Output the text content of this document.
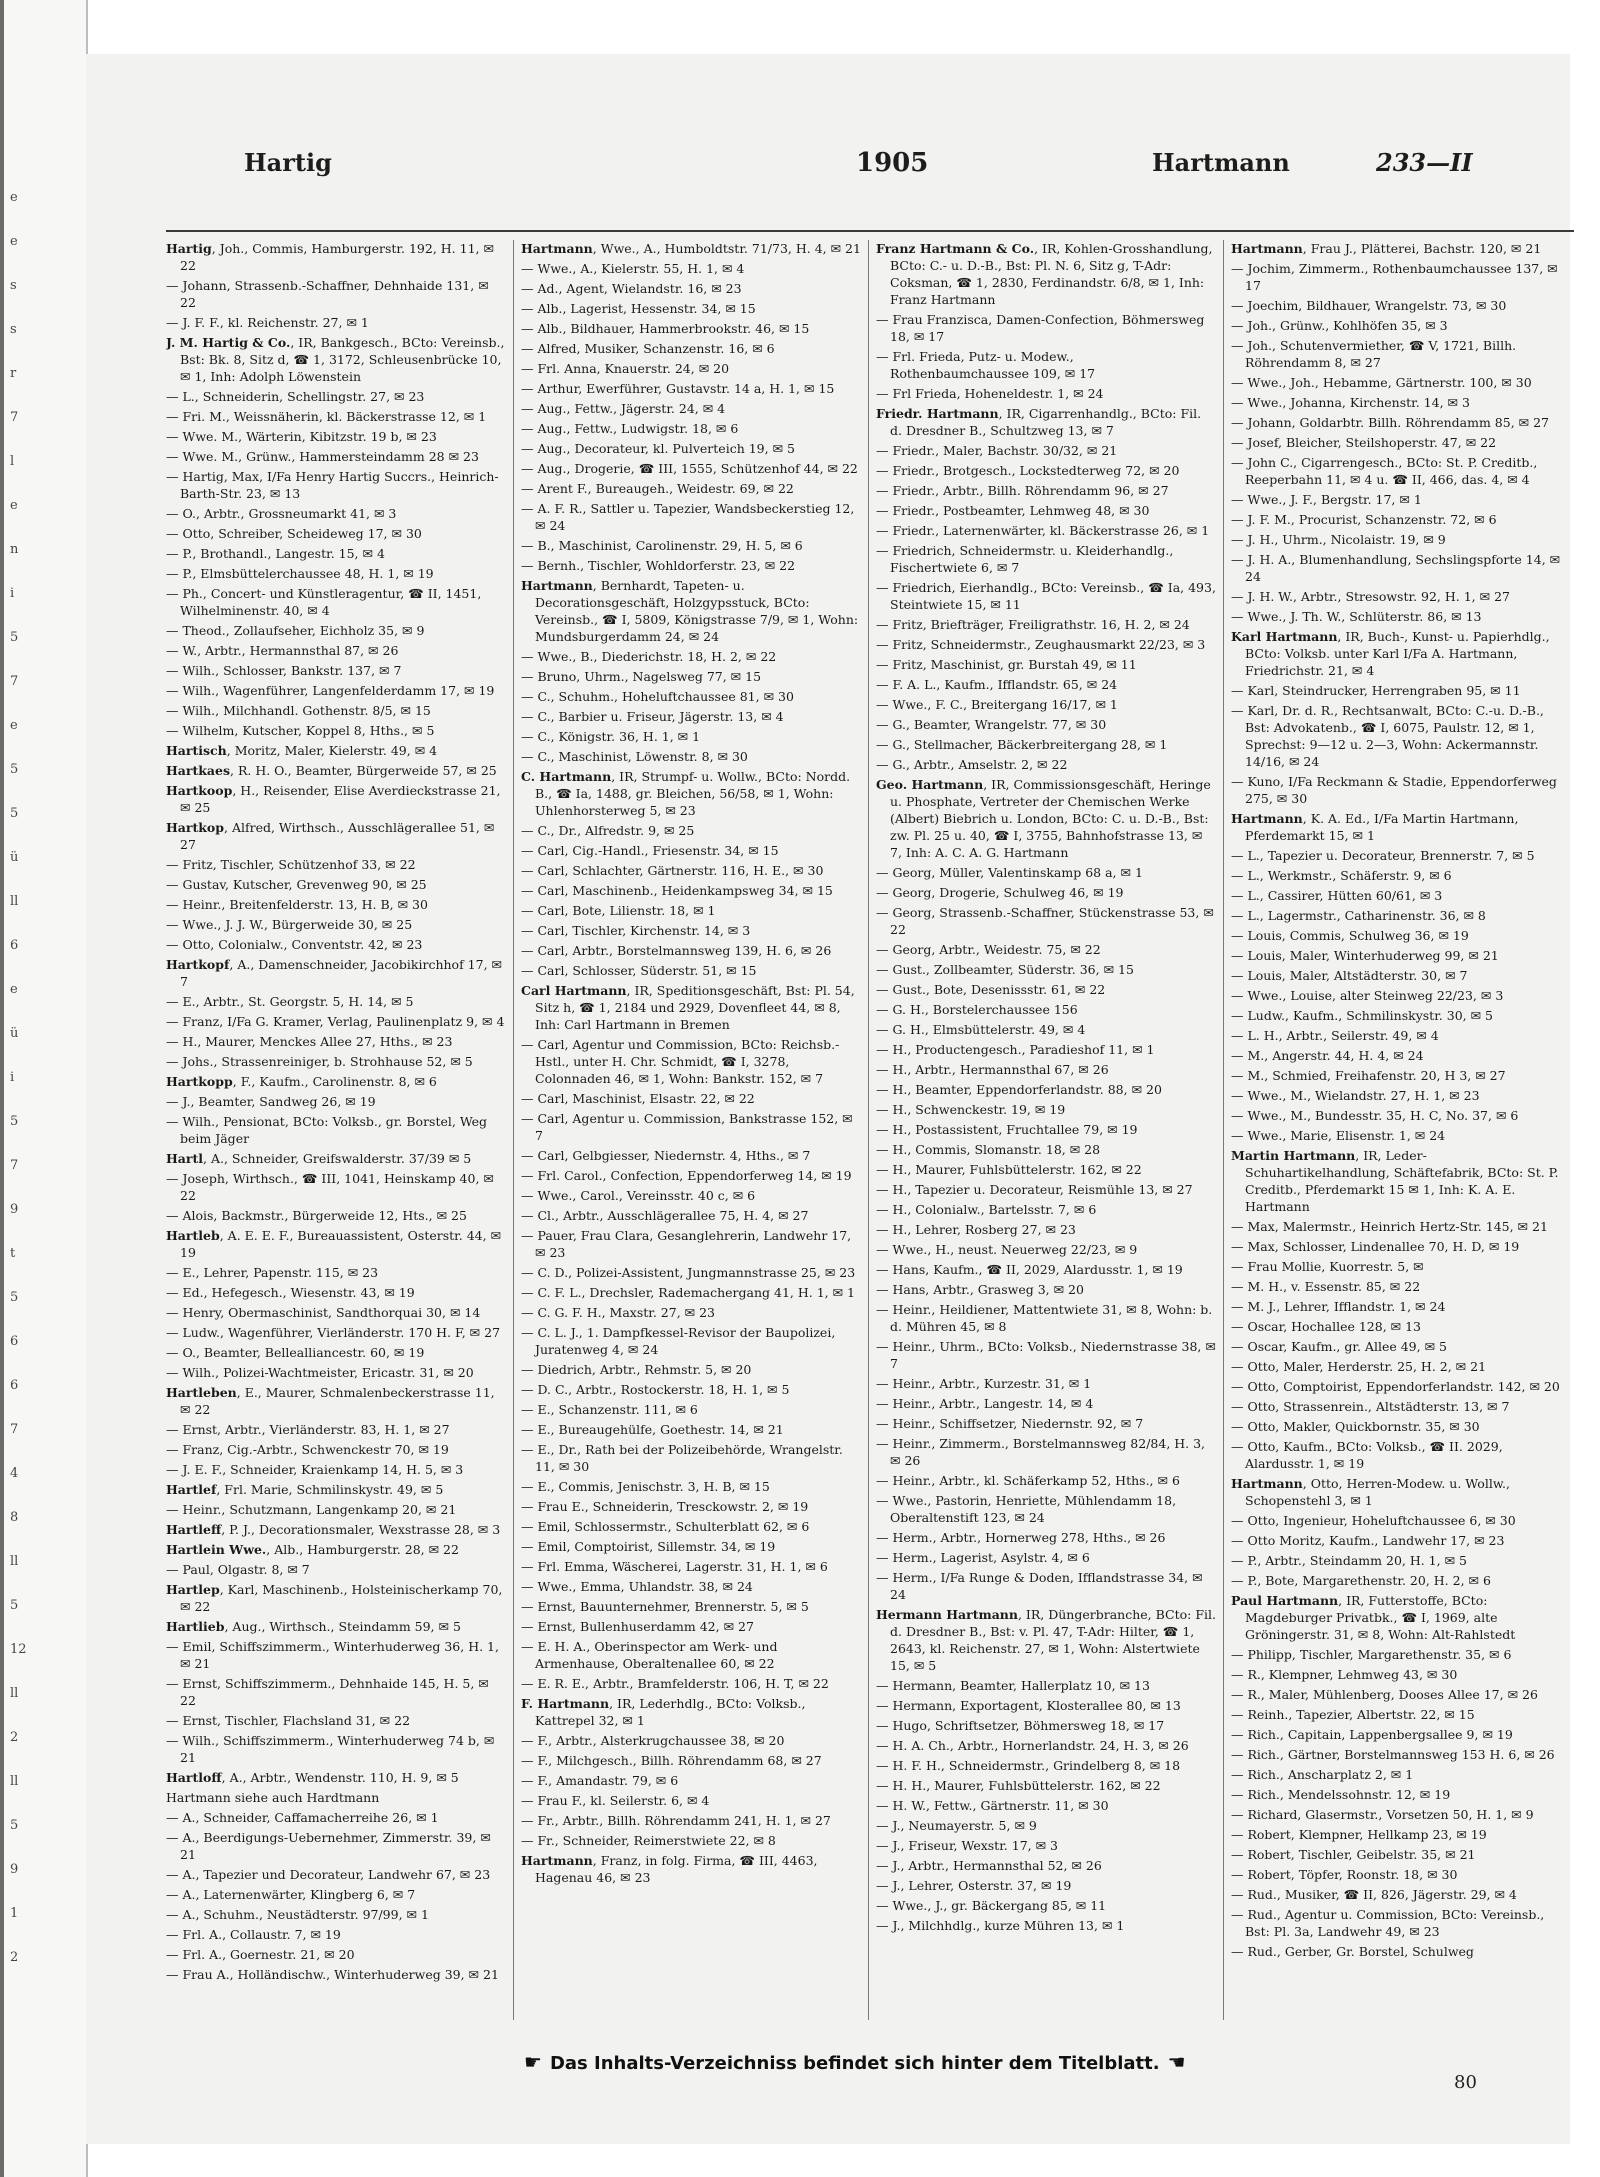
e
e
s
s
r
7
l
e
n
i
5
7
e
5
5
ü
ll
6
e
ü
i
5
7
9
t
5
6
6
7
4
8
ll
5
12
ll
2
ll
5
9
1
2
Hartig	1905	Hartmann	233—II
Hartig, Joh., Commis, Hamburgerstr. 192, H. 11, ✉ 22
— Johann, Strassenb.-Schaffner, Dehnhaide 131, ✉ 22
— J. F. F., kl. Reichenstr. 27, ✉ 1
J. M. Hartig & Co., IR, Bankgesch., BCto: Vereinsb., Bst: Bk. 8, Sitz d, ☎ 1, 3172, Schleusenbrücke 10, ✉ 1, Inh: Adolph Löwenstein
— L., Schneiderin, Schellingstr. 27, ✉ 23
— Fri. M., Weissnäherin, kl. Bäckerstrasse 12, ✉ 1
— Wwe. M., Wärterin, Kibitzstr. 19 b, ✉ 23
— Wwe. M., Grünw., Hammersteindamm 28 ✉ 23
— Hartig, Max, I/Fa Henry Hartig Succrs., Heinrich-Barth-Str. 23, ✉ 13
— O., Arbtr., Grossneumarkt 41, ✉ 3
— Otto, Schreiber, Scheideweg 17, ✉ 30
— P., Brothandl., Langestr. 15, ✉ 4
— P., Elmsbüttelerchaussee 48, H. 1, ✉ 19
— Ph., Concert- und Künstleragentur, ☎ II, 1451, Wilhelminenstr. 40, ✉ 4
— Theod., Zollaufseher, Eichholz 35, ✉ 9
— W., Arbtr., Hermannsthal 87, ✉ 26
— Wilh., Schlosser, Bankstr. 137, ✉ 7
— Wilh., Wagenführer, Langenfelderdamm 17, ✉ 19
— Wilh., Milchhandl. Gothenstr. 8/5, ✉ 15
— Wilhelm, Kutscher, Koppel 8, Hths., ✉ 5
Hartisch, Moritz, Maler, Kielerstr. 49, ✉ 4
Hartkaes, R. H. O., Beamter, Bürgerweide 57, ✉ 25
Hartkoop, H., Reisender, Elise Averdieckstrasse 21, ✉ 25
Hartkop, Alfred, Wirthsch., Ausschlägerallee 51, ✉ 27
— Fritz, Tischler, Schützenhof 33, ✉ 22
— Gustav, Kutscher, Grevenweg 90, ✉ 25
— Heinr., Breitenfelderstr. 13, H. B, ✉ 30
— Wwe., J. J. W., Bürgerweide 30, ✉ 25
— Otto, Colonialw., Conventstr. 42, ✉ 23
Hartkopf, A., Damenschneider, Jacobikirchhof 17, ✉ 7
— E., Arbtr., St. Georgstr. 5, H. 14, ✉ 5
— Franz, I/Fa G. Kramer, Verlag, Paulinenplatz 9, ✉ 4
— H., Maurer, Menckes Allee 27, Hths., ✉ 23
— Johs., Strassenreiniger, b. Strohhausе 52, ✉ 5
Hartkopp, F., Kaufm., Carolinenstr. 8, ✉ 6
— J., Beamter, Sandweg 26, ✉ 19
— Wilh., Pensionat, BCto: Volksb., gr. Borstel, Weg beim Jäger
Hartl, A., Schneider, Greifswalderstr. 37/39 ✉ 5
— Joseph, Wirthsch., ☎ III, 1041, Heinskamp 40, ✉ 22
— Alois, Backmstr., Bürgerweide 12, Hts., ✉ 25
Hartleb, A. E. E. F., Bureauassistent, Osterstr. 44, ✉ 19
— E., Lehrer, Papenstr. 115, ✉ 23
— Ed., Hefegesch., Wiesenstr. 43, ✉ 19
— Henry, Obermaschinist, Sandthorquai 30, ✉ 14
— Ludw., Wagenführer, Vierländerstr. 170 H. F, ✉ 27
— O., Beamter, Bellealliancestr. 60, ✉ 19
— Wilh., Polizei-Wachtmeister, Ericastr. 31, ✉ 20
Hartleben, E., Maurer, Schmalenbeckerstrasse 11, ✉ 22
— Ernst, Arbtr., Vierländerstr. 83, H. 1, ✉ 27
— Franz, Cig.-Arbtr., Schwenckestr 70, ✉ 19
— J. E. F., Schneider, Kraienkamp 14, H. 5, ✉ 3
Hartlef, Frl. Marie, Schmilinskystr. 49, ✉ 5
— Heinr., Schutzmann, Langenkamp 20, ✉ 21
Hartleff, P. J., Decorationsmaler, Wexstrasse 28, ✉ 3
Hartlein Wwe., Alb., Hamburgerstr. 28, ✉ 22
— Paul, Olgastr. 8, ✉ 7
Hartlep, Karl, Maschinenb., Holsteinischerkamp 70, ✉ 22
Hartlieb, Aug., Wirthsch., Steindamm 59, ✉ 5
— Emil, Schiffszimmerm., Winterhuderweg 36, H. 1, ✉ 21
— Ernst, Schiffszimmerm., Dehnhaide 145, H. 5, ✉ 22
— Ernst, Tischler, Flachsland 31, ✉ 22
— Wilh., Schiffszimmerm., Winterhuderweg 74 b, ✉ 21
Hartloff, A., Arbtr., Wendenstr. 110, H. 9, ✉ 5
Hartmann siehe auch Hardtmann
— A., Schneider, Caffamacherreihe 26, ✉ 1
— A., Beerdigungs-Uebernehmer, Zimmerstr. 39, ✉ 21
— A., Tapezier und Decorateur, Landwehr 67, ✉ 23
— A., Laternenwärter, Klingberg 6, ✉ 7
— A., Schuhm., Neustädterstr. 97/99, ✉ 1
— Frl. A., Collaustr. 7, ✉ 19
— Frl. A., Goernestr. 21, ✉ 20
— Frau A., Holländischw., Winterhuderweg 39, ✉ 21
Hartmann, Wwe., A., Humboldtstr. 71/73, H. 4, ✉ 21
— Wwe., A., Kielerstr. 55, H. 1, ✉ 4
— Ad., Agent, Wielandstr. 16, ✉ 23
— Alb., Lagerist, Hessenstr. 34, ✉ 15
— Alb., Bildhauer, Hammerbrookstr. 46, ✉ 15
— Alfred, Musiker, Schanzenstr. 16, ✉ 6
— Frl. Anna, Knauerstr. 24, ✉ 20
— Arthur, Ewerführer, Gustavstr. 14 a, H. 1, ✉ 15
— Aug., Fettw., Jägerstr. 24, ✉ 4
— Aug., Fettw., Ludwigstr. 18, ✉ 6
— Aug., Decorateur, kl. Pulverteich 19, ✉ 5
— Aug., Drogerie, ☎ III, 1555, Schützenhof 44, ✉ 22
— Arent F., Bureaugeh., Weidestr. 69, ✉ 22
— A. F. R., Sattler u. Tapezier, Wandsbeckerstieg 12, ✉ 24
— B., Maschinist, Carolinenstr. 29, H. 5, ✉ 6
— Bernh., Tischler, Wohldorferstr. 23, ✉ 22
Hartmann, Bernhardt, Tapeten- u. Decorationsgeschäft, Holzgypsstuck, BCto: Vereinsb., ☎ I, 5809, Königstrasse 7/9, ✉ 1, Wohn: Mundsburgerdamm 24, ✉ 24
— Wwe., B., Diederichstr. 18, H. 2, ✉ 22
— Bruno, Uhrm., Nagelsweg 77, ✉ 15
— C., Schuhm., Hoheluftchaussee 81, ✉ 30
— C., Barbier u. Friseur, Jägerstr. 13, ✉ 4
— C., Königstr. 36, H. 1, ✉ 1
— C., Maschinist, Löwenstr. 8, ✉ 30
C. Hartmann, IR, Strumpf- u. Wollw., BCto: Nordd. B., ☎ Ia, 1488, gr. Bleichen, 56/58, ✉ 1, Wohn: Uhlenhorsterweg 5, ✉ 23
— C., Dr., Alfredstr. 9, ✉ 25
— Carl, Cig.-Handl., Friesenstr. 34, ✉ 15
— Carl, Schlachter, Gärtnerstr. 116, H. E., ✉ 30
— Carl, Maschinenb., Heidenkampsweg 34, ✉ 15
— Carl, Bote, Lilienstr. 18, ✉ 1
— Carl, Tischler, Kirchenstr. 14, ✉ 3
— Carl, Arbtr., Borstelmannsweg 139, H. 6, ✉ 26
— Carl, Schlosser, Süderstr. 51, ✉ 15
Carl Hartmann, IR, Speditionsgeschäft, Bst: Pl. 54, Sitz h, ☎ 1, 2184 und 2929, Dovenfleet 44, ✉ 8, Inh: Carl Hartmann in Bremen
— Carl, Agentur und Commission, BCto: Reichsb.-Hstl., unter H. Chr. Schmidt, ☎ I, 3278, Colonnaden 46, ✉ 1, Wohn: Bankstr. 152, ✉ 7
— Carl, Maschinist, Elsastr. 22, ✉ 22
— Carl, Agentur u. Commission, Bankstrasse 152, ✉ 7
— Carl, Gelbgiesser, Niedernstr. 4, Hths., ✉ 7
— Frl. Carol., Confection, Eppendorferweg 14, ✉ 19
— Wwe., Carol., Vereinsstr. 40 c, ✉ 6
— Cl., Arbtr., Ausschlägerallee 75, H. 4, ✉ 27
— Pauer, Frau Clara, Gesanglehrerin, Landwehr 17, ✉ 23
— C. D., Polizei-Assistent, Jungmannstrasse 25, ✉ 23
— C. F. L., Drechsler, Rademachergang 41, H. 1, ✉ 1
— C. G. F. H., Maxstr. 27, ✉ 23
— C. L. J., 1. Dampfkessel-Revisor der Baupolizei, Juratenweg 4, ✉ 24
— Diedrich, Arbtr., Rehmstr. 5, ✉ 20
— D. C., Arbtr., Rostockerstr. 18, H. 1, ✉ 5
— E., Schanzenstr. 111, ✉ 6
— E., Bureaugehülfe, Goethestr. 14, ✉ 21
— E., Dr., Rath bei der Polizeibehörde, Wrangelstr. 11, ✉ 30
— E., Commis, Jenischstr. 3, H. B, ✉ 15
— Frau E., Schneiderin, Tresckowstr. 2, ✉ 19
— Emil, Schlossermstr., Schulterblatt 62, ✉ 6
— Emil, Comptoirist, Sillemstr. 34, ✉ 19
— Frl. Emma, Wäscherei, Lagerstr. 31, H. 1, ✉ 6
— Wwe., Emma, Uhlandstr. 38, ✉ 24
— Ernst, Bauunternehmer, Brennerstr. 5, ✉ 5
— Ernst, Bullenhuserdamm 42, ✉ 27
— E. H. A., Oberinspector am Werk- und Armenhause, Oberaltenallee 60, ✉ 22
— E. R. E., Arbtr., Bramfelderstr. 106, H. T, ✉ 22
F. Hartmann, IR, Lederhdlg., BCto: Volksb., Kattrepel 32, ✉ 1
— F., Arbtr., Alsterkrugchaussee 38, ✉ 20
— F., Milchgesch., Billh. Röhrendamm 68, ✉ 27
— F., Amandastr. 79, ✉ 6
— Frau F., kl. Seilerstr. 6, ✉ 4
— Fr., Arbtr., Billh. Röhrendamm 241, H. 1, ✉ 27
— Fr., Schneider, Reimerstwiete 22, ✉ 8
Hartmann, Franz, in folg. Firma, ☎ III, 4463, Hagenau 46, ✉ 23
Franz Hartmann & Co., IR, Kohlen-Grosshandlung, BCto: C.- u. D.-B., Bst: Pl. N. 6, Sitz g, T-Adr: Coksman, ☎ 1, 2830, Ferdinandstr. 6/8, ✉ 1, Inh: Franz Hartmann
— Frau Franzisca, Damen-Confection, Böhmersweg 18, ✉ 17
— Frl. Frieda, Putz- u. Modew., Rothenbaumchaussee 109, ✉ 17
— Frl Frieda, Hoheneldestr. 1, ✉ 24
Friedr. Hartmann, IR, Cigarrenhandlg., BCto: Fil. d. Dresdner B., Schultzweg 13, ✉ 7
— Friedr., Maler, Bachstr. 30/32, ✉ 21
— Friedr., Brotgesch., Lockstedterweg 72, ✉ 20
— Friedr., Arbtr., Billh. Röhrendamm 96, ✉ 27
— Friedr., Postbeamter, Lehmweg 48, ✉ 30
— Friedr., Laternenwärter, kl. Bäckerstrasse 26, ✉ 1
— Friedrich, Schneidermstr. u. Kleiderhandlg., Fischertwiete 6, ✉ 7
— Friedrich, Eierhandlg., BCto: Vereinsb., ☎ Ia, 493, Steintwiete 15, ✉ 11
— Fritz, Briefträger, Freiligrathstr. 16, H. 2, ✉ 24
— Fritz, Schneidermstr., Zeughausmarkt 22/23, ✉ 3
— Fritz, Maschinist, gr. Burstah 49, ✉ 11
— F. A. L., Kaufm., Ifflandstr. 65, ✉ 24
— Wwe., F. C., Breitergang 16/17, ✉ 1
— G., Beamter, Wrangelstr. 77, ✉ 30
— G., Stellmacher, Bäckerbreitergang 28, ✉ 1
— G., Arbtr., Amselstr. 2, ✉ 22
Geo. Hartmann, IR, Commissionsgeschäft, Heringe u. Phosphate, Vertreter der Chemischen Werke (Albert) Biebrich u. London, BCto: C. u. D.-B., Bst: zw. Pl. 25 u. 40, ☎ I, 3755, Bahnhofstrasse 13, ✉ 7, Inh: A. C. A. G. Hartmann
— Georg, Müller, Valentinskamp 68 a, ✉ 1
— Georg, Drogerie, Schulweg 46, ✉ 19
— Georg, Strassenb.-Schaffner, Stückenstrasse 53, ✉ 22
— Georg, Arbtr., Weidestr. 75, ✉ 22
— Gust., Zollbeamter, Süderstr. 36, ✉ 15
— Gust., Bote, Desenissstr. 61, ✉ 22
— G. H., Borstelerchaussee 156
— G. H., Elmsbüttelerstr. 49, ✉ 4
— H., Productengesch., Paradieshof 11, ✉ 1
— H., Arbtr., Hermannsthal 67, ✉ 26
— H., Beamter, Eppendorferlandstr. 88, ✉ 20
— H., Schwenckestr. 19, ✉ 19
— H., Postassistent, Fruchtallee 79, ✉ 19
— H., Commis, Slomanstr. 18, ✉ 28
— H., Maurer, Fuhlsbüttelerstr. 162, ✉ 22
— H., Tapezier u. Decorateur, Reismühle 13, ✉ 27
— H., Colonialw., Bartelsstr. 7, ✉ 6
— H., Lehrer, Rosberg 27, ✉ 23
— Wwe., H., neust. Neuerweg 22/23, ✉ 9
— Hans, Kaufm., ☎ II, 2029, Alardusstr. 1, ✉ 19
— Hans, Arbtr., Grasweg 3, ✉ 20
— Heinr., Heildiener, Mattentwiete 31, ✉ 8, Wohn: b. d. Mühren 45, ✉ 8
— Heinr., Uhrm., BCto: Volksb., Niedernstrasse 38, ✉ 7
— Heinr., Arbtr., Kurzestr. 31, ✉ 1
— Heinr., Arbtr., Langestr. 14, ✉ 4
— Heinr., Schiffsetzer, Niedernstr. 92, ✉ 7
— Heinr., Zimmerm., Borstelmannsweg 82/84, H. 3, ✉ 26
— Heinr., Arbtr., kl. Schäferkamp 52, Hths., ✉ 6
— Wwe., Pastorin, Henriette, Mühlendamm 18, Oberaltenstift 123, ✉ 24
— Herm., Arbtr., Hornerweg 278, Hths., ✉ 26
— Herm., Lagerist, Asylstr. 4, ✉ 6
— Herm., I/Fa Runge & Doden, Ifflandstrasse 34, ✉ 24
Hermann Hartmann, IR, Düngerbranche, BCto: Fil. d. Dresdner B., Bst: v. Pl. 47, T-Adr: Hilter, ☎ 1, 2643, kl. Reichenstr. 27, ✉ 1, Wohn: Alstertwiete 15, ✉ 5
— Hermann, Beamter, Hallerplatz 10, ✉ 13
— Hermann, Exportagent, Klosterallee 80, ✉ 13
— Hugo, Schriftsetzer, Böhmersweg 18, ✉ 17
— H. A. Ch., Arbtr., Hornerlandstr. 24, H. 3, ✉ 26
— H. F. H., Schneidermstr., Grindelberg 8, ✉ 18
— H. H., Maurer, Fuhlsbüttelerstr. 162, ✉ 22
— H. W., Fettw., Gärtnerstr. 11, ✉ 30
— J., Neumayerstr. 5, ✉ 9
— J., Friseur, Wexstr. 17, ✉ 3
— J., Arbtr., Hermannsthal 52, ✉ 26
— J., Lehrer, Osterstr. 37, ✉ 19
— Wwe., J., gr. Bäckergang 85, ✉ 11
— J., Milchhdlg., kurze Mühren 13, ✉ 1
Hartmann, Frau J., Plätterei, Bachstr. 120, ✉ 21
— Jochim, Zimmerm., Rothenbaumchaussee 137, ✉ 17
— Joechim, Bildhauer, Wrangelstr. 73, ✉ 30
— Joh., Grünw., Kohlhöfen 35, ✉ 3
— Joh., Schutenvermiether, ☎ V, 1721, Billh. Röhrendamm 8, ✉ 27
— Wwe., Joh., Hebamme, Gärtnerstr. 100, ✉ 30
— Wwe., Johanna, Kirchenstr. 14, ✉ 3
— Johann, Goldarbtr. Billh. Röhrendamm 85, ✉ 27
— Josef, Bleicher, Steilshoperstr. 47, ✉ 22
— John C., Cigarrengesch., BCto: St. P. Creditb., Reeperbahn 11, ✉ 4 u. ☎ II, 466, das. 4, ✉ 4
— Wwe., J. F., Bergstr. 17, ✉ 1
— J. F. M., Procurist, Schanzenstr. 72, ✉ 6
— J. H., Uhrm., Nicolaistr. 19, ✉ 9
— J. H. A., Blumenhandlung, Sechslingspforte 14, ✉ 24
— J. H. W., Arbtr., Stresowstr. 92, H. 1, ✉ 27
— Wwe., J. Th. W., Schlüterstr. 86, ✉ 13
Karl Hartmann, IR, Buch-, Kunst- u. Papierhdlg., BCto: Volksb. unter Karl I/Fa A. Hartmann, Friedrichstr. 21, ✉ 4
— Karl, Steindrucker, Herrengraben 95, ✉ 11
— Karl, Dr. d. R., Rechtsanwalt, BCto: C.-u. D.-B., Bst: Advokatenb., ☎ I, 6075, Paulstr. 12, ✉ 1, Sprechst: 9—12 u. 2—3, Wohn: Ackermannstr. 14/16, ✉ 24
— Kuno, I/Fa Reckmann & Stadie, Eppendorferweg 275, ✉ 30
Hartmann, K. A. Ed., I/Fa Martin Hartmann, Pferdemarkt 15, ✉ 1
— L., Tapezier u. Decorateur, Brennerstr. 7, ✉ 5
— L., Werkmstr., Schäferstr. 9, ✉ 6
— L., Cassirer, Hütten 60/61, ✉ 3
— L., Lagermstr., Catharinenstr. 36, ✉ 8
— Louis, Commis, Schulweg 36, ✉ 19
— Louis, Maler, Winterhuderweg 99, ✉ 21
— Louis, Maler, Altstädterstr. 30, ✉ 7
— Wwe., Louise, alter Steinweg 22/23, ✉ 3
— Ludw., Kaufm., Schmilinskystr. 30, ✉ 5
— L. H., Arbtr., Seilerstr. 49, ✉ 4
— M., Angerstr. 44, H. 4, ✉ 24
— M., Schmied, Freihafenstr. 20, H 3, ✉ 27
— Wwe., M., Wielandstr. 27, H. 1, ✉ 23
— Wwe., M., Bundesstr. 35, H. C, No. 37, ✉ 6
— Wwe., Marie, Elisenstr. 1, ✉ 24
Martin Hartmann, IR, Leder-Schuhartikelhandlung, Schäftefabrik, BCto: St. P. Creditb., Pferdemarkt 15 ✉ 1, Inh: K. A. E. Hartmann
— Max, Malermstr., Heinrich Hertz-Str. 145, ✉ 21
— Max, Schlosser, Lindenallee 70, H. D, ✉ 19
— Frau Mollie, Kuorrestr. 5, ✉
— M. H., v. Essenstr. 85, ✉ 22
— M. J., Lehrer, Ifflandstr. 1, ✉ 24
— Oscar, Hochallee 128, ✉ 13
— Oscar, Kaufm., gr. Allee 49, ✉ 5
— Otto, Maler, Herderstr. 25, H. 2, ✉ 21
— Otto, Comptoirist, Eppendorferlandstr. 142, ✉ 20
— Otto, Strassenrein., Altstädterstr. 13, ✉ 7
— Otto, Makler, Quickbornstr. 35, ✉ 30
— Otto, Kaufm., BCto: Volksb., ☎ II. 2029, Alardusstr. 1, ✉ 19
Hartmann, Otto, Herren-Modew. u. Wollw., Schopenstehl 3, ✉ 1
— Otto, Ingenieur, Hoheluftchaussee 6, ✉ 30
— Otto Moritz, Kaufm., Landwehr 17, ✉ 23
— P., Arbtr., Steindamm 20, H. 1, ✉ 5
— P., Bote, Margarethenstr. 20, H. 2, ✉ 6
Paul Hartmann, IR, Futterstoffe, BCto: Magdeburger Privatbk., ☎ I, 1969, alte Gröningerstr. 31, ✉ 8, Wohn: Alt-Rahlstedt
— Philipp, Tischler, Margarethenstr. 35, ✉ 6
— R., Klempner, Lehmweg 43, ✉ 30
— R., Maler, Mühlenberg, Dooses Allee 17, ✉ 26
— Reinh., Tapezier, Albertstr. 22, ✉ 15
— Rich., Capitain, Lappenbergsallee 9, ✉ 19
— Rich., Gärtner, Borstelmannsweg 153 H. 6, ✉ 26
— Rich., Anscharplatz 2, ✉ 1
— Rich., Mendelssohnstr. 12, ✉ 19
— Richard, Glasermstr., Vorsetzen 50, H. 1, ✉ 9
— Robert, Klempner, Hellkamp 23, ✉ 19
— Robert, Tischler, Geibelstr. 35, ✉ 21
— Robert, Töpfer, Roonstr. 18, ✉ 30
— Rud., Musiker, ☎ II, 826, Jägerstr. 29, ✉ 4
— Rud., Agentur u. Commission, BCto: Vereinsb., Bst: Pl. 3a, Landwehr 49, ✉ 23
— Rud., Gerber, Gr. Borstel, Schulweg
☛ Das Inhalts-Verzeichniss befindet sich hinter dem Titelblatt. ☚
80
